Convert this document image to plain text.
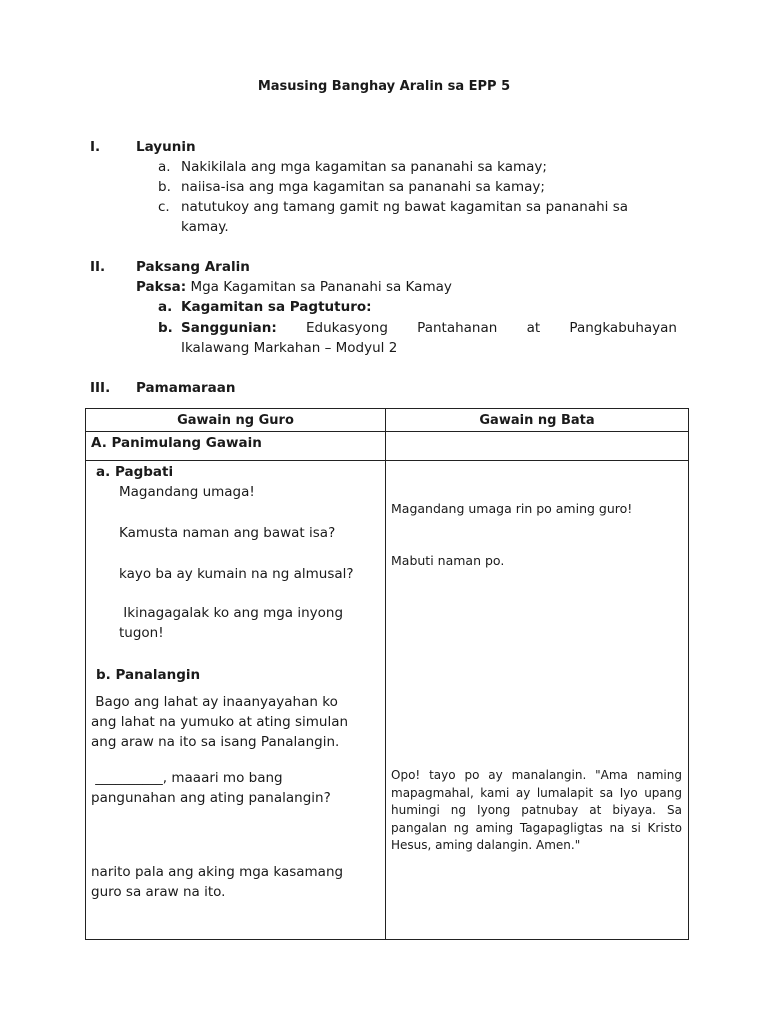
Masusing Banghay Aralin sa EPP 5
I.	Layunin
a. Nakikilala ang mga kagamitan sa pananahi sa kamay;
b. naiisa-isa ang mga kagamitan sa pananahi sa kamay;
c. natutukoy ang tamang gamit ng bawat kagamitan sa pananahi sa
kamay.
II. Paksang Aralin
Paksa: Mga Kagamitan sa Pananahi sa Kamay
a. Kagamitan sa Pagtuturo:
b. Sanggunian: Edukasyong Pantahanan at Pangkabuhayan
Ikalawang Markahan – Modyul 2
III. Pamamaraan
Gawain ng Guro	Gawain ng Bata
A. Panimulang Gawain
a. Pagbati
Magandang umaga!
Kamusta naman ang bawat isa?
kayo ba ay kumain na ng almusal?
Ikinagagalak ko ang mga inyong
tugon!
b. Panalangin
Bago ang lahat ay inaanyayahan ko
ang lahat na yumuko at ating simulan
ang araw na ito sa isang Panalangin.
__________, maaari mo bang
pangunahan ang ating panalangin?
narito pala ang aking mga kasamang
guro sa araw na ito.
Magandang umaga rin po aming guro!
Mabuti naman po.
Opo! tayo po ay manalangin. "Ama naming mapagmahal, kami ay lumalapit sa Iyo upang humingi ng Iyong patnubay at biyaya. Sa pangalan ng aming Tagapagligtas na si Kristo Hesus, aming dalangin. Amen."
